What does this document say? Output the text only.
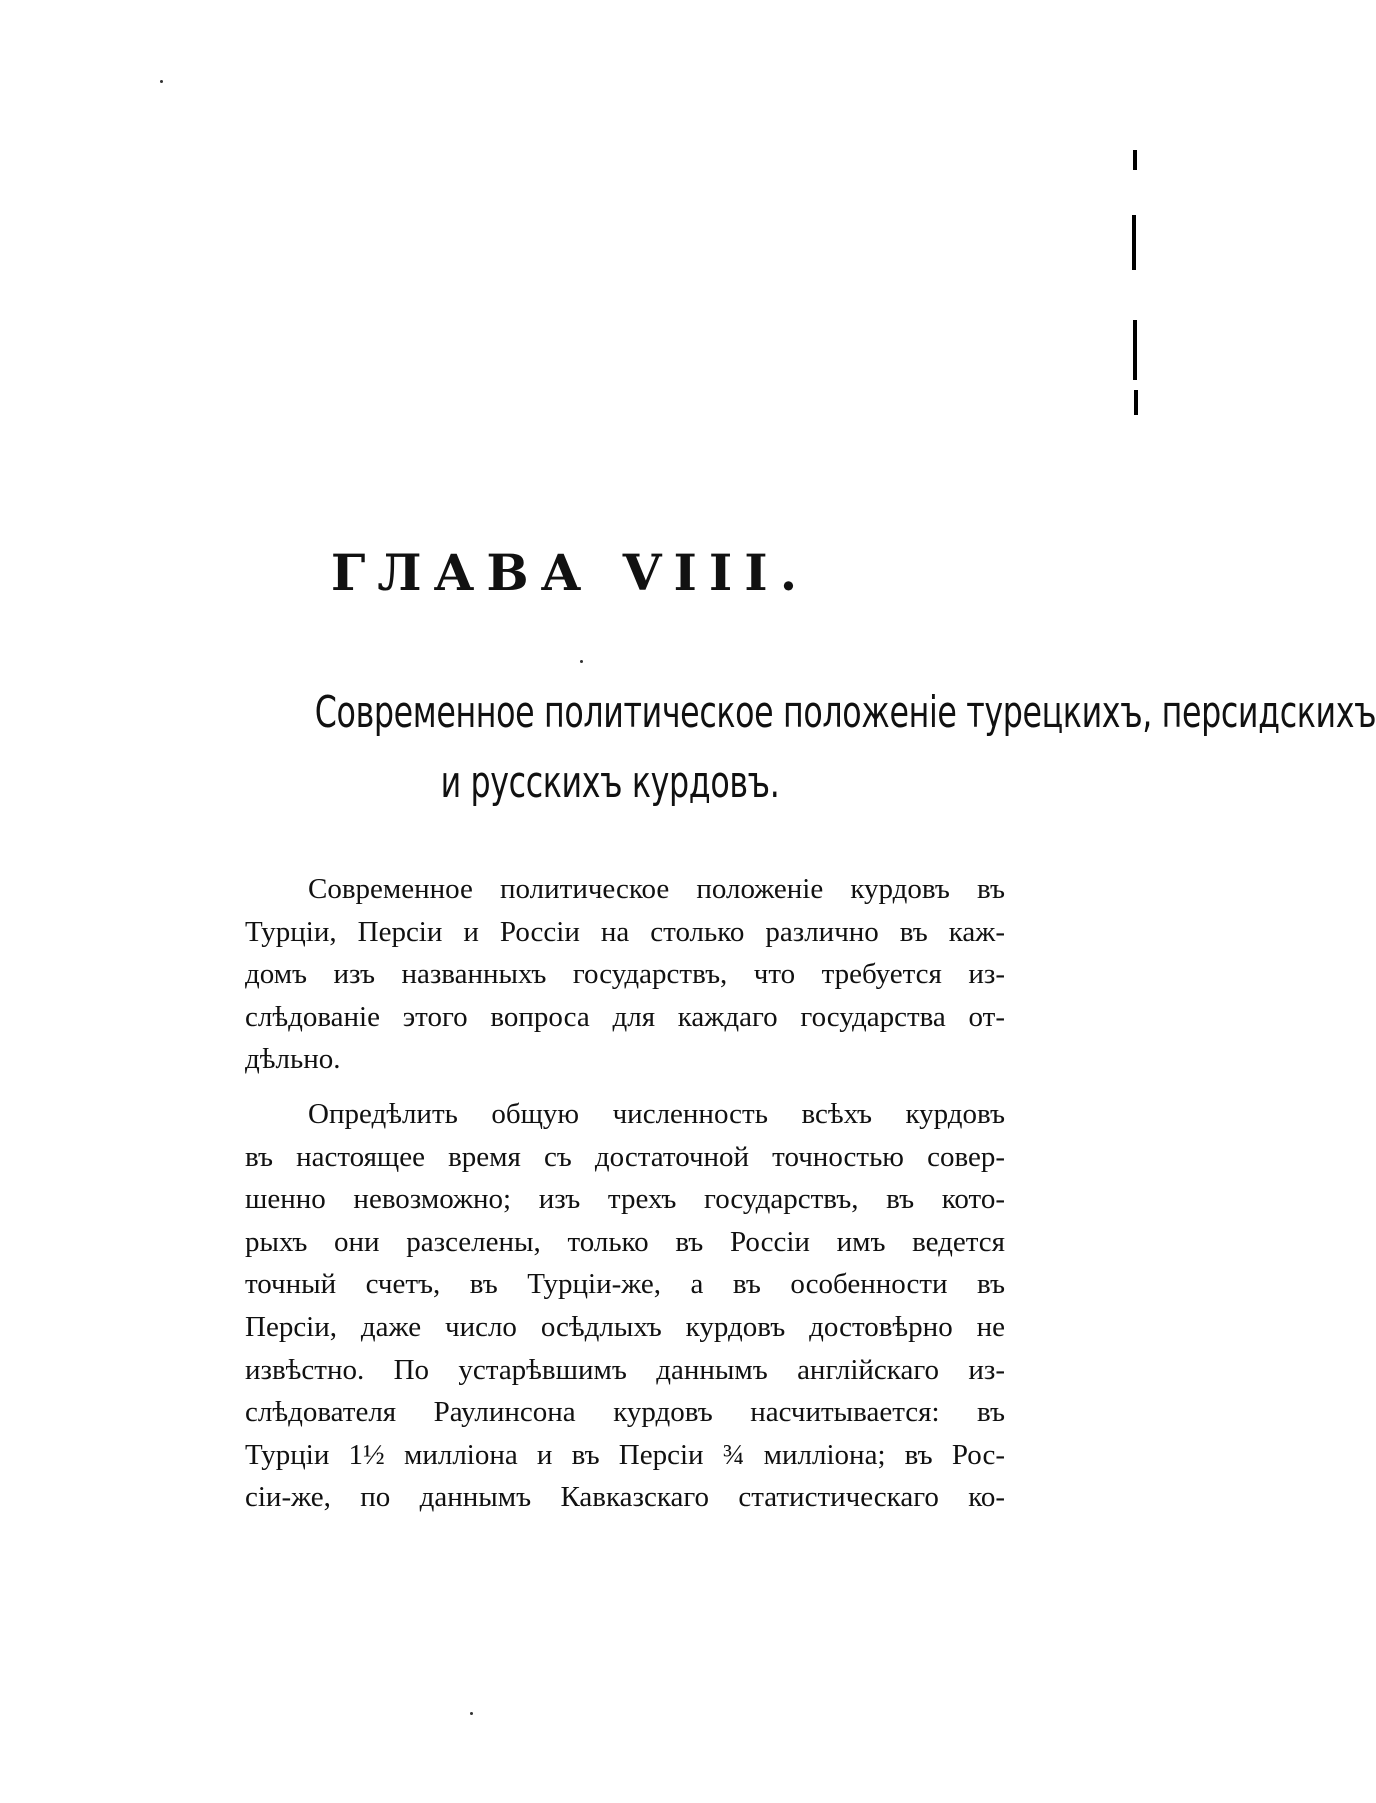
ГЛАВА VIII.
Современное политическое положеніе турецкихъ, персидскихъ
и русскихъ курдовъ.
Современное политическое положеніе курдовъ въ
Турціи, Персіи и Россіи на столько различно въ каж-
домъ изъ названныхъ государствъ, что требуется из-
слѣдованіе этого вопроса для каждаго государства от-
дѣльно.
Опредѣлить общую численность всѣхъ курдовъ
въ настоящее время съ достаточной точностью совер-
шенно невозможно; изъ трехъ государствъ, въ кото-
рыхъ они разселены, только въ Россіи имъ ведется
точный счетъ, въ Турціи-же, а въ особенности въ
Персіи, даже число осѣдлыхъ курдовъ достовѣрно не
извѣстно. По устарѣвшимъ даннымъ англійскаго из-
слѣдователя Раулинсона курдовъ насчитывается: въ
Турціи 1½ милліона и въ Персіи ¾ милліона; въ Рос-
сіи-же, по даннымъ Кавказскаго статистическаго ко-
